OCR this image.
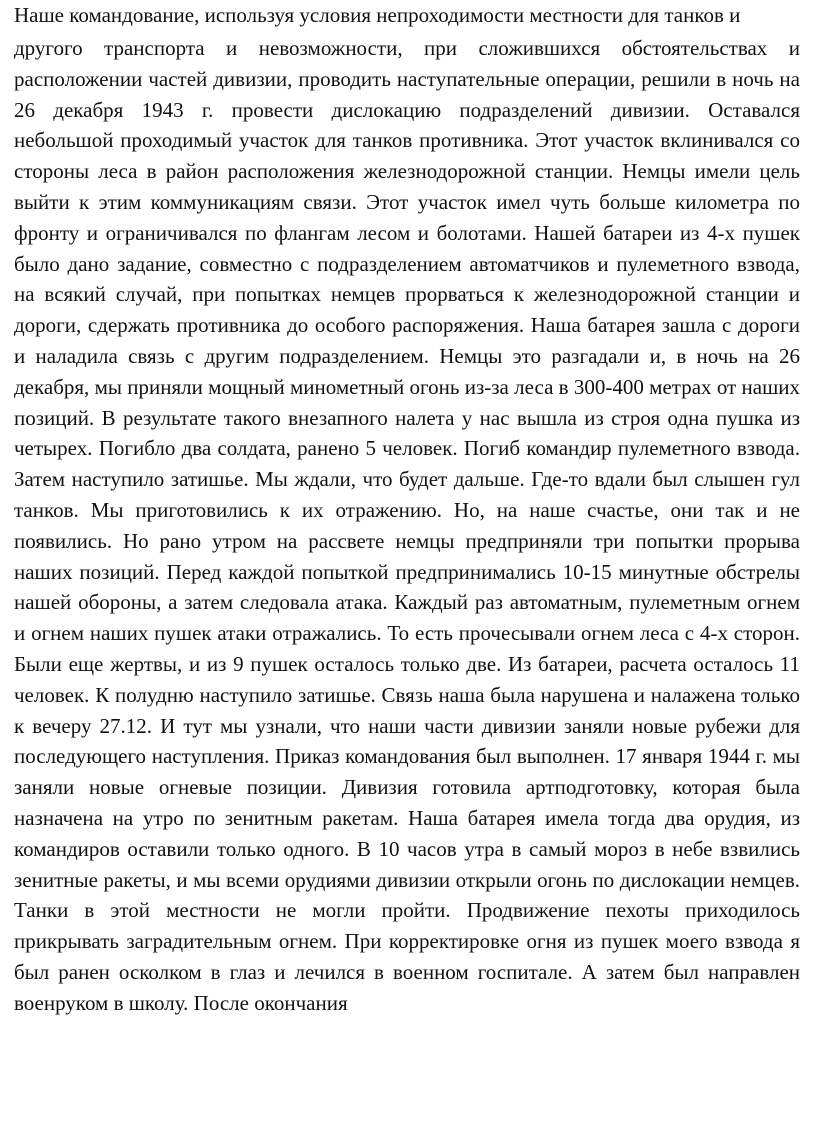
Наше командование, используя условия непроходимости местности для танков и

другого транспорта и невозможности, при сложившихся обстоятельствах и расположении частей дивизии, проводить наступательные операции, решили в ночь на 26 декабря 1943 г. провести дислокацию подразделений дивизии. Оставался небольшой проходимый участок для танков противника. Этот участок вклинивался со стороны леса в район расположения железнодорожной станции. Немцы имели цель выйти к этим коммуникациям связи. Этот участок имел чуть больше километра по фронту и ограничивался по флангам лесом и болотами. Нашей батареи из 4-х пушек было дано задание, совместно с подразделением автоматчиков и пулеметного взвода, на всякий случай, при попытках немцев прорваться к железнодорожной станции и дороги, сдержать противника до особого распоряжения. Наша батарея зашла с дороги и наладила связь с другим подразделением. Немцы это разгадали и, в ночь на 26 декабря, мы приняли мощный минометный огонь из-за леса в 300-400 метрах от наших позиций. В результате такого внезапного налета у нас вышла из строя одна пушка из четырех. Погибло два солдата, ранено 5 человек. Погиб командир пулеметного взвода. Затем наступило затишье. Мы ждали, что будет дальше. Где-то вдали был слышен гул танков. Мы приготовились к их отражению. Но, на наше счастье, они так и не появились. Но рано утром на рассвете немцы предприняли три попытки прорыва наших позиций. Перед каждой попыткой предпринимались 10-15 минутные обстрелы нашей обороны, а затем следовала атака. Каждый раз автоматным, пулеметным огнем и огнем наших пушек атаки отражались. То есть прочесывали огнем леса с 4-х сторон. Были еще жертвы, и из 9 пушек осталось только две. Из батареи, расчета осталось 11 человек. К полудню наступило затишье. Связь наша была нарушена и налажена только к вечеру 27.12. И тут мы узнали, что наши части дивизии заняли новые рубежи для последующего наступления. Приказ командования был выполнен. 17 января 1944 г. мы заняли новые огневые позиции. Дивизия готовила артподготовку, которая была назначена на утро по зенитным ракетам. Наша батарея имела тогда два орудия, из командиров оставили только одного. В 10 часов утра в самый мороз в небе взвились зенитные ракеты, и мы всеми орудиями дивизии открыли огонь по дислокации немцев. Танки в этой местности не могли пройти. Продвижение пехоты приходилось прикрывать заградительным огнем. При корректировке огня из пушек моего взвода я был ранен осколком в глаз и лечился в военном госпитале. А затем был направлен военруком в школу. После окончания
